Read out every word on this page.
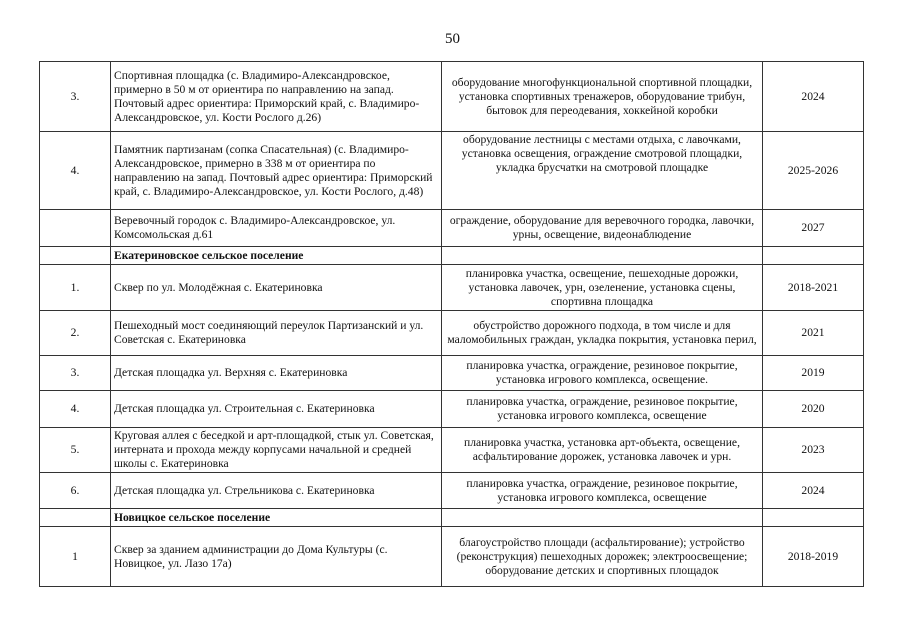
50
3.	Спортивная площадка (с. Владимиро-Александровское, примерно в 50 м от ориентира по направлению на запад. Почтовый адрес ориентира: Приморский край, с. Владимиро-Александровское, ул. Кости Рослого д.26)	оборудование многофункциональной спортивной площадки, установка спортивных тренажеров, оборудование трибун, бытовок для переодевания, хоккейной коробки	2024
4.	Памятник партизанам (сопка Спасательная) (с. Владимиро-Александровское, примерно в 338 м от ориентира по направлению на запад. Почтовый адрес ориентира: Приморский край, с. Владимиро-Александровское, ул. Кости Рослого, д.48)	оборудование лестницы с местами отдыха, с лавочками, установка освещения, ограждение смотровой площадки, укладка брусчатки на смотровой площадке	2025-2026
	Веревочный городок с. Владимиро-Александровское, ул. Комсомольская д.61	ограждение, оборудование для веревочного городка, лавочки, урны, освещение, видеонаблюдение	2027
	Екатериновское сельское поселение		
1.	Сквер по ул. Молодёжная с. Екатериновка	планировка участка, освещение, пешеходные дорожки, установка лавочек, урн, озеленение, установка сцены, спортивна площадка	2018-2021
2.	Пешеходный мост соединяющий переулок Партизанский и ул. Советская с. Екатериновка	обустройство дорожного подхода, в том числе и для маломобильных граждан, укладка покрытия, установка перил,	2021
3.	Детская площадка ул. Верхняя с. Екатериновка	планировка участка, ограждение, резиновое покрытие, установка игрового комплекса, освещение.	2019
4.	Детская площадка ул. Строительная с. Екатериновка	планировка участка, ограждение, резиновое покрытие, установка игрового комплекса, освещение	2020
5.	Круговая аллея с беседкой и арт-площадкой, стык ул. Советская, интерната и прохода между корпусами начальной и средней школы с. Екатериновка	планировка участка, установка арт-объекта, освещение, асфальтирование дорожек, установка лавочек и урн.	2023
6.	Детская площадка ул. Стрельникова с. Екатериновка	планировка участка, ограждение, резиновое покрытие, установка игрового комплекса, освещение	2024
	Новицкое сельское поселение		
1	Сквер за зданием администрации до Дома Культуры (с. Новицкое, ул. Лазо 17а)	благоустройство площади (асфальтирование); устройство (реконструкция) пешеходных дорожек; электроосвещение; оборудование детских и спортивных площадок	2018-2019
